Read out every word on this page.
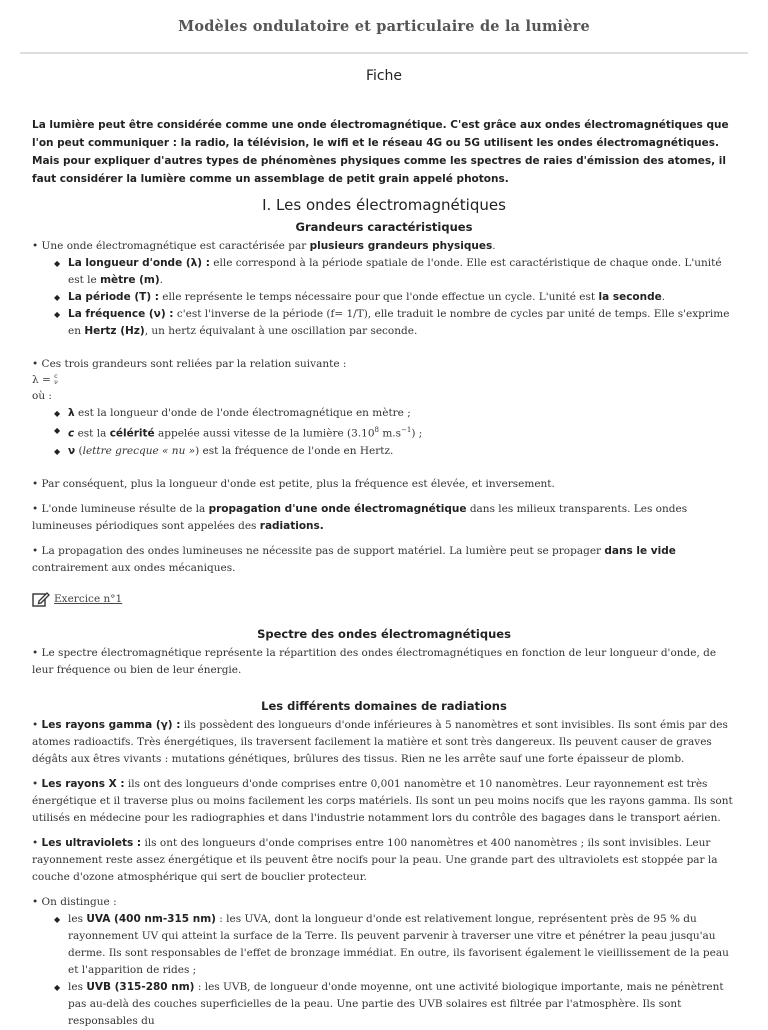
Modèles ondulatoire et particulaire de la lumière
Fiche

La lumière peut être considérée comme une onde électromagnétique. C'est grâce aux ondes électromagnétiques que l'on peut communiquer : la radio, la télévision, le wifi et le réseau 4G ou 5G utilisent les ondes électromagnétiques. Mais pour expliquer d'autres types de phénomènes physiques comme les spectres de raies d'émission des atomes, il faut considérer la lumière comme un assemblage de petit grain appelé photons.

I. Les ondes électromagnétiques
Grandeurs caractéristiques

• Une onde électromagnétique est caractérisée par plusieurs grandeurs physiques.

◆ La longueur d'onde (λ) : elle correspond à la période spatiale de l'onde. Elle est caractéristique de chaque onde. L'unité est le mètre (m).
◆ La période (T) : elle représente le temps nécessaire pour que l'onde effectue un cycle. L'unité est la seconde.
◆ La fréquence (ν) : c'est l'inverse de la période (f= 1/T), elle traduit le nombre de cycles par unité de temps. Elle s'exprime en Hertz (Hz), un hertz équivalant à une oscillation par seconde.

• Ces trois grandeurs sont reliées par la relation suivante :

λ = c
ν

où :

◆ λ est la longueur d'onde de l'onde électromagnétique en mètre ;
◆ c est la célérité appelée aussi vitesse de la lumière (3.10$^8$ $m.s^{-1}$) ;
◆ ν (lettre grecque « nu ») est la fréquence de l'onde en Hertz.

• Par conséquent, plus la longueur d'onde est petite, plus la fréquence est élevée, et inversement.

• L'onde lumineuse résulte de la propagation d'une onde électromagnétique dans les milieux transparents. Les ondes lumineuses périodiques sont appelées des radiations.

• La propagation des ondes lumineuses ne nécessite pas de support matériel. La lumière peut se propager dans le vide contrairement aux ondes mécaniques.

Exercice n°1
Spectre des ondes électromagnétiques

• Le spectre électromagnétique représente la répartition des ondes électromagnétiques en fonction de leur longueur d'onde, de leur fréquence ou bien de leur énergie.

Les différents domaines de radiations

• Les rayons gamma (γ) : ils possèdent des longueurs d'onde inférieures à 5 nanomètres et sont invisibles. Ils sont émis par des atomes radioactifs. Très énergétiques, ils traversent facilement la matière et sont très dangereux. Ils peuvent causer de graves dégâts aux êtres vivants : mutations génétiques, brûlures des tissus. Rien ne les arrête sauf une forte épaisseur de plomb.

• Les rayons X : ils ont des longueurs d'onde comprises entre 0,001 nanomètre et 10 nanomètres. Leur rayonnement est très énergétique et il traverse plus ou moins facilement les corps matériels. Ils sont un peu moins nocifs que les rayons gamma. Ils sont utilisés en médecine pour les radiographies et dans l'industrie notamment lors du contrôle des bagages dans le transport aérien.

• Les ultraviolets : ils ont des longueurs d'onde comprises entre 100 nanomètres et 400 nanomètres ; ils sont invisibles. Leur rayonnement reste assez énergétique et ils peuvent être nocifs pour la peau. Une grande part des ultraviolets est stoppée par la couche d'ozone atmosphérique qui sert de bouclier protecteur.

• On distingue :

◆ les UVA (400 nm-315 nm) : les UVA, dont la longueur d'onde est relativement longue, représentent près de 95 % du rayonnement UV qui atteint la surface de la Terre. Ils peuvent parvenir à traverser une vitre et pénétrer la peau jusqu'au derme. Ils sont responsables de l'effet de bronzage immédiat. En outre, ils favorisent également le vieillissement de la peau et l'apparition de rides ;
◆ les UVB (315-280 nm) : les UVB, de longueur d'onde moyenne, ont une activité biologique importante, mais ne pénètrent pas au-delà des couches superficielles de la peau. Une partie des UVB solaires est filtrée par l'atmosphère. Ils sont responsables du
